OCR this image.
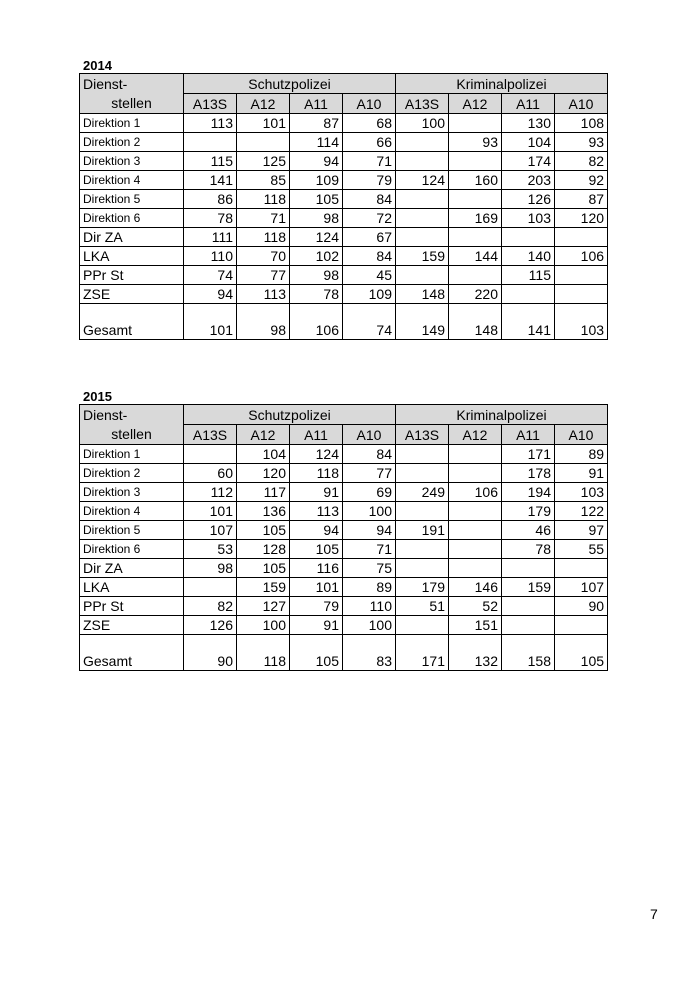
2014
Dienst-	Schutzpolizei				Kriminalpolizei			
stellen	A13S	A12	A11	A10	A13S	A12	A11	A10
Direktion 1	113	101	87	68	100		130	108
Direktion 2			114	66		93	104	93
Direktion 3	115	125	94	71			174	82
Direktion 4	141	85	109	79	124	160	203	92
Direktion 5	86	118	105	84			126	87
Direktion 6	78	71	98	72		169	103	120
Dir ZA	111	118	124	67				
LKA	110	70	102	84	159	144	140	106
PPr St	74	77	98	45			115	
ZSE	94	113	78	109	148	220		
Gesamt	101	98	106	74	149	148	141	103
2015
Dienst-	Schutzpolizei				Kriminalpolizei			
stellen	A13S	A12	A11	A10	A13S	A12	A11	A10
Direktion 1		104	124	84			171	89
Direktion 2	60	120	118	77			178	91
Direktion 3	112	117	91	69	249	106	194	103
Direktion 4	101	136	113	100			179	122
Direktion 5	107	105	94	94	191		46	97
Direktion 6	53	128	105	71			78	55
Dir ZA	98	105	116	75				
LKA		159	101	89	179	146	159	107
PPr St	82	127	79	110	51	52		90
ZSE	126	100	91	100		151		
Gesamt	90	118	105	83	171	132	158	105
7
